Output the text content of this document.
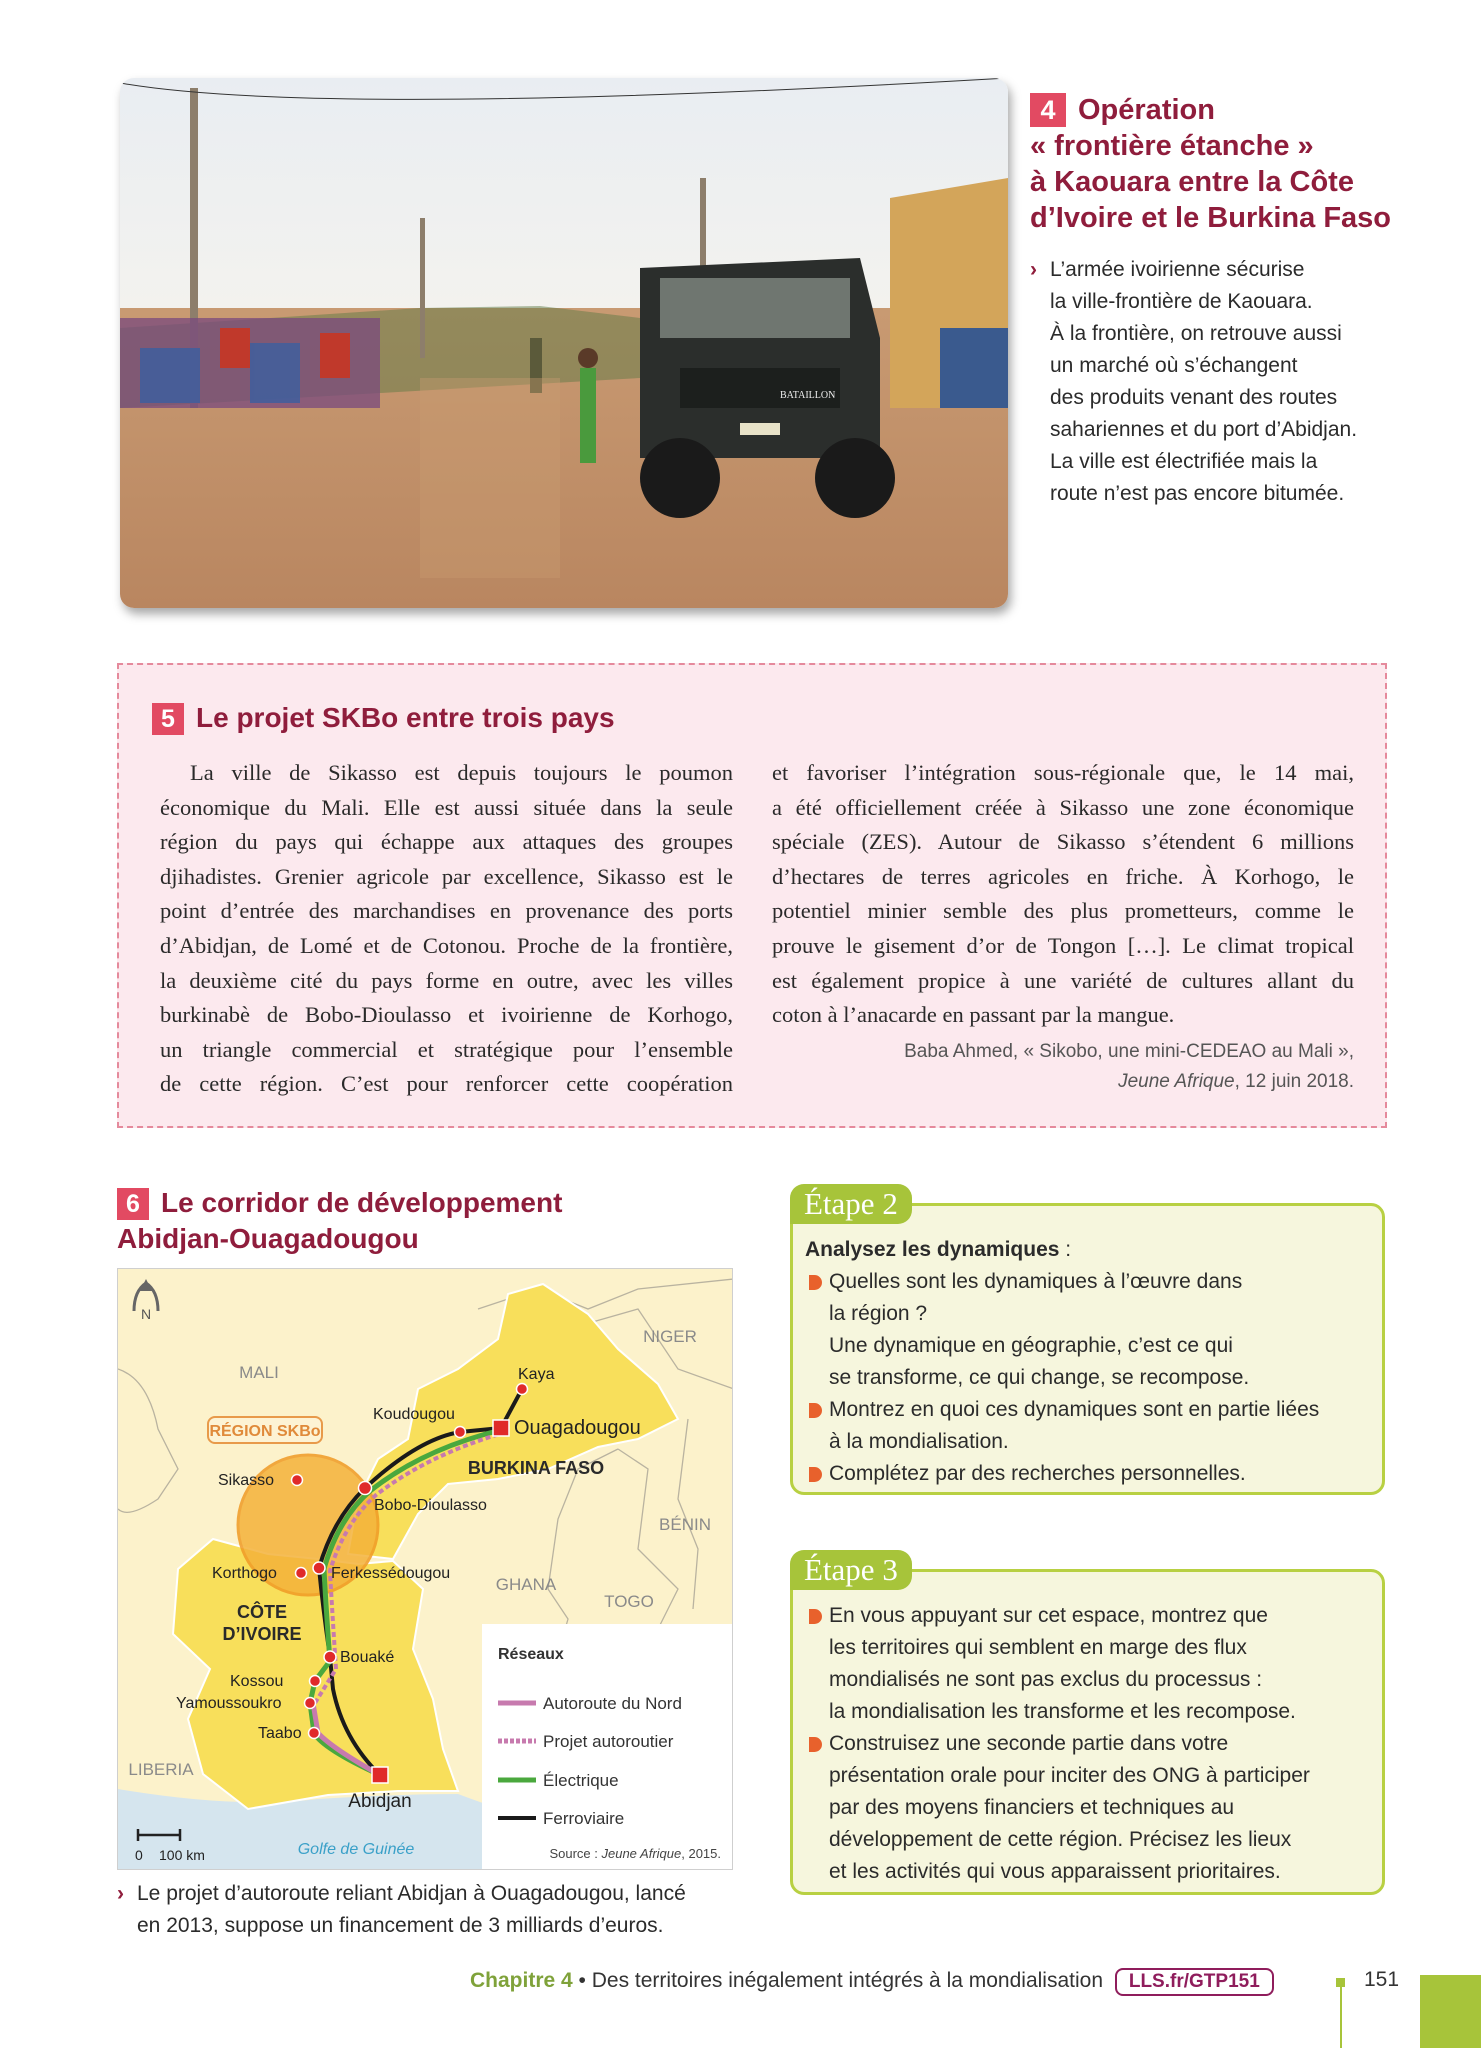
BATAILLON
4 Opération
« frontière étanche »
à Kaouara entre la Côte
d’Ivoire et le Burkina Faso
› L’armée ivoirienne sécurise
la ville-frontière de Kaouara.
À la frontière, on retrouve aussi
un marché où s’échangent
des produits venant des routes
sahariennes et du port d’Abidjan.
La ville est électrifiée mais la
route n’est pas encore bitumée.
5 Le projet SKBo entre trois pays
La ville de Sikasso est depuis toujours le poumon
économique du Mali. Elle est aussi située dans la seule
région du pays qui échappe aux attaques des groupes
djihadistes. Grenier agricole par excellence, Sikasso est le
point d’entrée des marchandises en provenance des ports
d’Abidjan, de Lomé et de Cotonou. Proche de la frontière,
la deuxième cité du pays forme en outre, avec les villes
burkinabè de Bobo-Dioulasso et ivoirienne de Korhogo,
un triangle commercial et stratégique pour l’ensemble
de cette région. C’est pour renforcer cette coopération
et favoriser l’intégration sous-régionale que, le 14 mai,
a été officiellement créée à Sikasso une zone économique
spéciale (ZES). Autour de Sikasso s’étendent 6 millions
d’hectares de terres agricoles en friche. À Korhogo, le
potentiel minier semble des plus prometteurs, comme le
prouve le gisement d’or de Tongon […]. Le climat tropical
est également propice à une variété de cultures allant du
coton à l’anacarde en passant par la mangue.
Baba Ahmed, « Sikobo, une mini-CEDEAO au Mali »,
Jeune Afrique, 12 juin 2018.
6 Le corridor de développement
Abidjan-Ouagadougou
N
MALI
NIGER
BÉNIN
GHANA
TOGO
LIBERIA
BURKINA FASO
CÔTE
D’IVOIRE
RÉGION SKBo
Kaya
Koudougou
Ouagadougou
Sikasso
Bobo-Dioulasso
Korthogo	Ferkessédougou
Bouaké
Kossou
Yamoussoukro
Taabo
Abidjan
Golfe de Guinée
0 100 km
Réseaux
Autoroute du Nord
Projet autoroutier
Électrique
Ferroviaire
Source : Jeune Afrique, 2015.
› Le projet d’autoroute reliant Abidjan à Ouagadougou, lancé
en 2013, suppose un financement de 3 milliards d’euros.
Étape 2
Analysez les dynamiques :
Quelles sont les dynamiques à l’œuvre dans
la région ?
Une dynamique en géographie, c’est ce qui
se transforme, ce qui change, se recompose.
Montrez en quoi ces dynamiques sont en partie liées
à la mondialisation.
Complétez par des recherches personnelles.
Étape 3
En vous appuyant sur cet espace, montrez que
les territoires qui semblent en marge des flux
mondialisés ne sont pas exclus du processus :
la mondialisation les transforme et les recompose.
Construisez une seconde partie dans votre
présentation orale pour inciter des ONG à participer
par des moyens financiers et techniques au
développement de cette région. Précisez les lieux
et les activités qui vous apparaissent prioritaires.
Chapitre 4 • Des territoires inégalement intégrés à la mondialisation LLS.fr/GTP151	151
